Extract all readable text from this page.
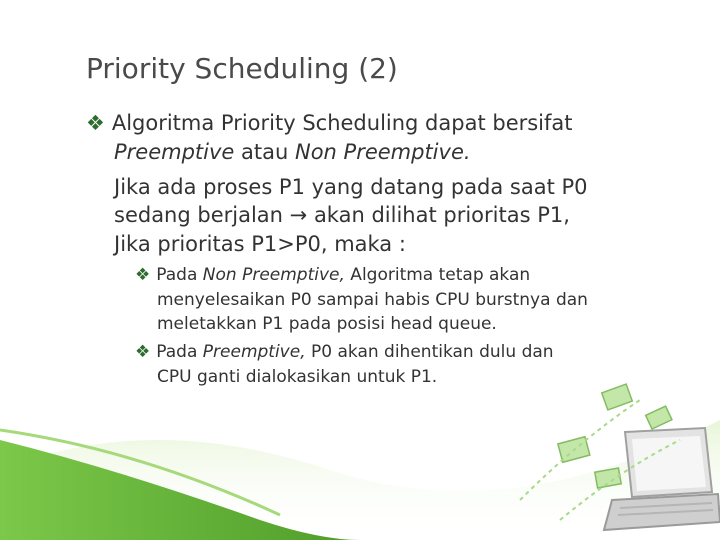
Priority Scheduling (2)
❖ Algoritma Priority Scheduling dapat bersifat
Preemptive atau Non Preemptive.
Jika ada proses P1 yang datang pada saat P0
sedang berjalan → akan dilihat prioritas P1,
Jika prioritas P1>P0, maka :
❖ Pada Non Preemptive, Algoritma tetap akan
menyelesaikan P0 sampai habis CPU burstnya dan
meletakkan P1 pada posisi head queue.
❖ Pada Preemptive, P0 akan dihentikan dulu dan
CPU ganti dialokasikan untuk P1.
